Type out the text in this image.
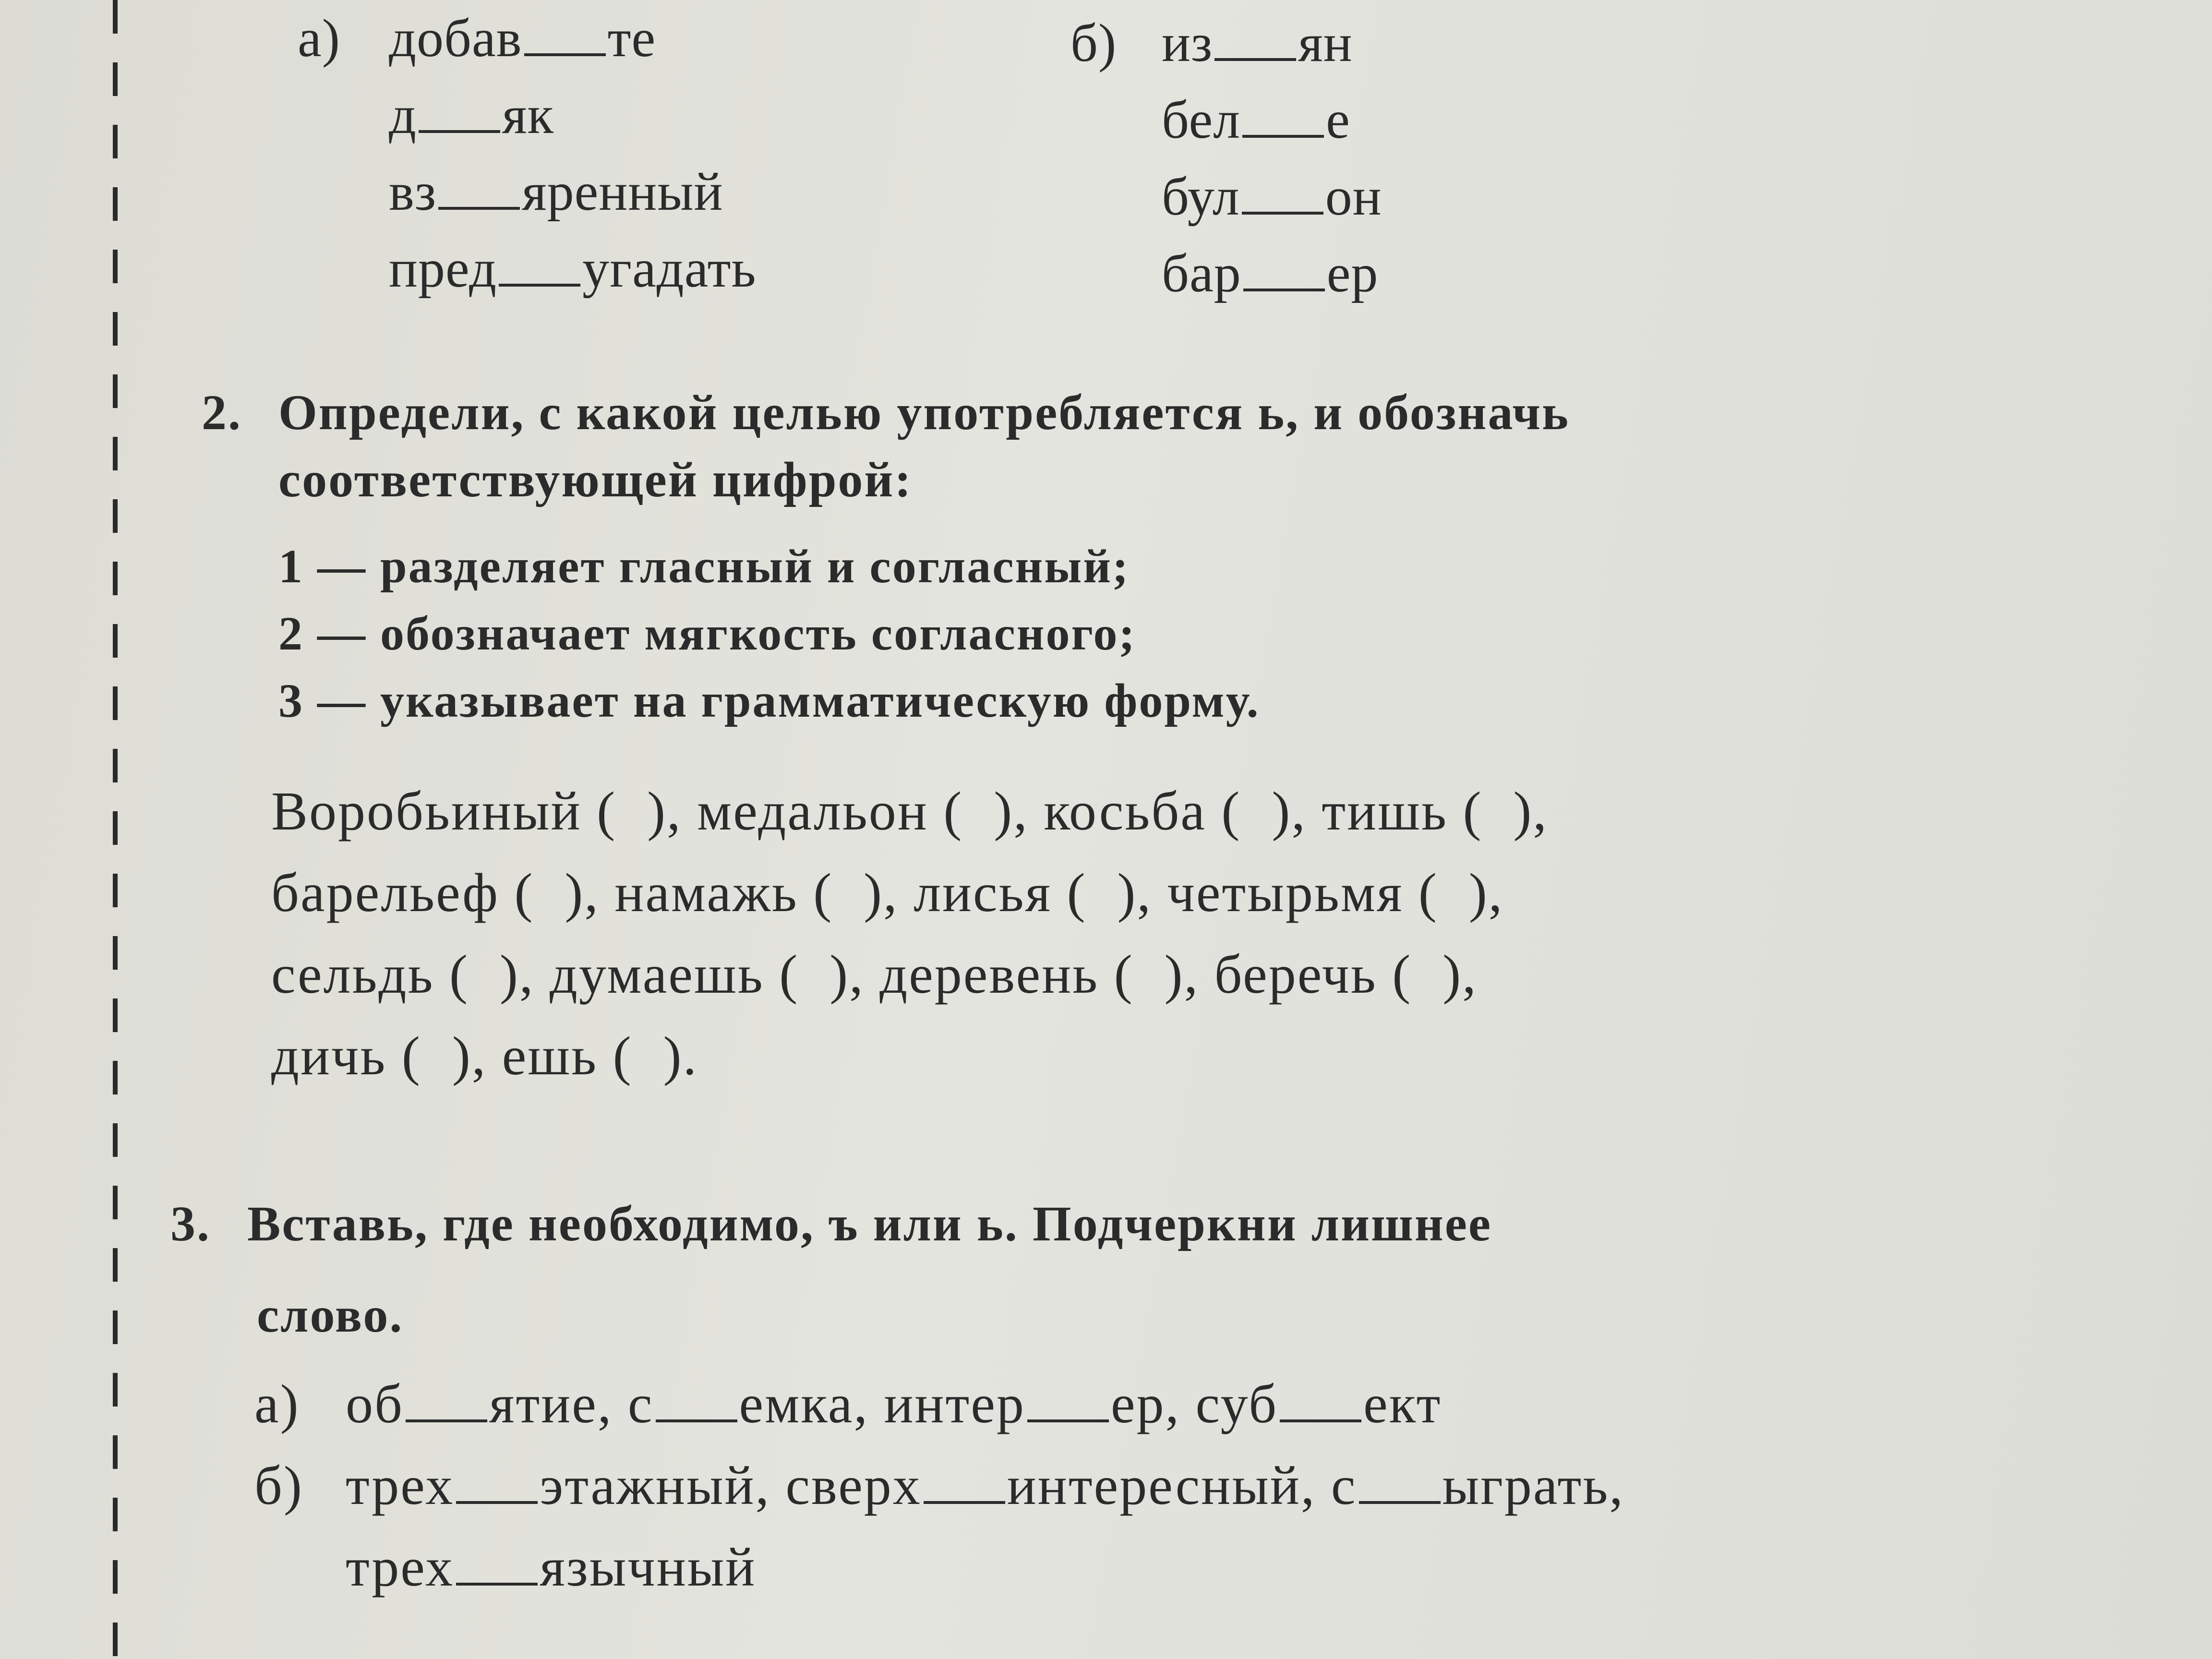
а) добав те
д як
вз яренный
пред угадать
б) из ян
бел е
бул он
бар ер
2. Определи, с какой целью употребляется ь, и обозначь
соответствующей цифрой:
1 — разделяет гласный и согласный;
2 — обозначает мягкость согласного;
3 — указывает на грамматическую форму.
Воробьиный ( ), медальон ( ), косьба ( ), тишь ( ),
барельеф ( ), намажь ( ), лисья ( ), четырьмя ( ),
сельдь ( ), думаешь ( ), деревень ( ), беречь ( ),
дичь ( ), ешь ( ).
3. Вставь, где необходимо, ъ или ь. Подчеркни лишнее
слово.
а) об ятие, с емка, интер ер, суб ект
б) трех этажный, сверх интересный, с ыграть,
трех язычный
